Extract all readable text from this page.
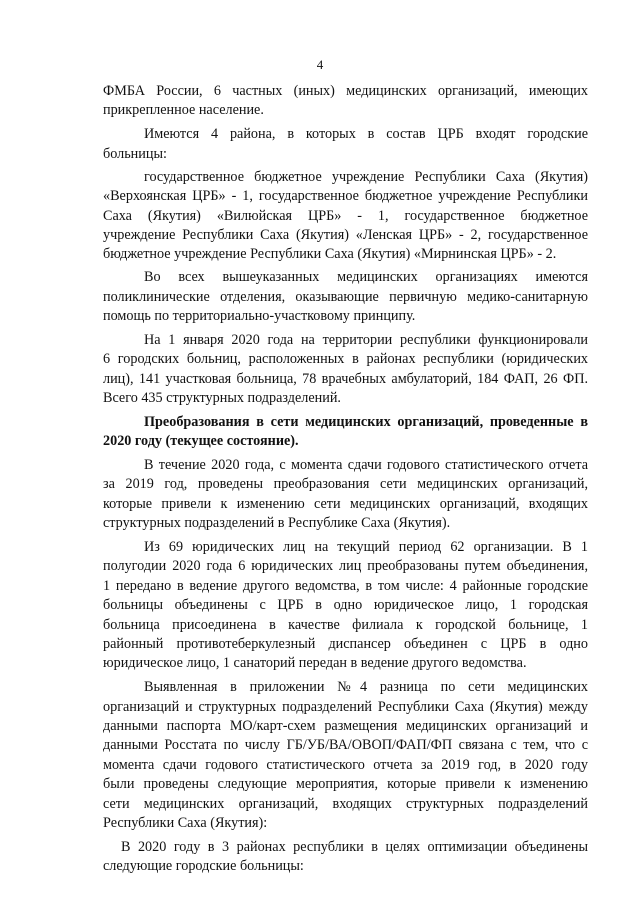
4
ФМБА России, 6 частных (иных) медицинских организаций, имеющих
прикрепленное население.
Имеются 4 района, в которых в состав ЦРБ входят городские
больницы:
государственное бюджетное учреждение Республики Саха (Якутия)
«Верхоянская ЦРБ» - 1, государственное бюджетное учреждение Республики
Саха (Якутия) «Вилюйская ЦРБ» - 1, государственное бюджетное
учреждение Республики Саха (Якутия) «Ленская ЦРБ» - 2, государственное
бюджетное учреждение Республики Саха (Якутия) «Мирнинская ЦРБ» - 2.
Во всех вышеуказанных медицинских организациях имеются
поликлинические отделения, оказывающие первичную медико-санитарную
помощь по территориально-участковому принципу.
На 1 января 2020 года на территории республики функционировали
6 городских больниц, расположенных в районах республики (юридических
лиц), 141 участковая больница, 78 врачебных амбулаторий, 184 ФАП, 26 ФП.
Всего 435 структурных подразделений.
Преобразования в сети медицинских организаций, проведенные в
2020 году (текущее состояние).
В течение 2020 года, с момента сдачи годового статистического отчета
за 2019 год, проведены преобразования сети медицинских организаций,
которые привели к изменению сети медицинских организаций, входящих
структурных подразделений в Республике Саха (Якутия).
Из 69 юридических лиц на текущий период 62 организации. В 1
полугодии 2020 года 6 юридических лиц преобразованы путем объединения,
1 передано в ведение другого ведомства, в том числе: 4 районные городские
больницы объединены с ЦРБ в одно юридическое лицо, 1 городская
больница присоединена в качестве филиала к городской больнице, 1
районный противотеберкулезный диспансер объединен с ЦРБ в одно
юридическое лицо, 1 санаторий передан в ведение другого ведомства.
Выявленная в приложении №4 разница по сети медицинских
организаций и структурных подразделений Республики Саха (Якутия) между
данными паспорта МО/карт-схем размещения медицинских организаций и
данными Росстата по числу ГБ/УБ/ВА/ОВОП/ФАП/ФП связана с тем, что с
момента сдачи годового статистического отчета за 2019 год, в 2020 году
были проведены следующие мероприятия, которые привели к изменению
сети медицинских организаций, входящих структурных подразделений
Республики Саха (Якутия):
В 2020 году в 3 районах республики в целях оптимизации объединены
следующие городские больницы:
